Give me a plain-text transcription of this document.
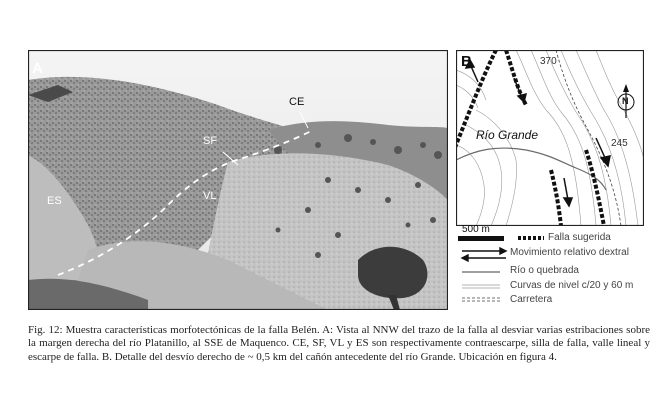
A
CE
SF
VL
ES
B	370
245
N
Río Grande
500 m
Falla sugerida
Movimiento relativo dextral
Río o quebrada
Curvas de nivel c/20 y 60 m
Carretera
Fig. 12: Muestra características morfotectónicas de la falla Belén. A: Vista al NNW del trazo de la falla al desviar varias estribaciones sobre la margen derecha del río Platanillo, al SSE de Maquenco. CE, SF, VL y ES son respectivamente contraescarpe, silla de falla, valle lineal y escarpe de falla. B. Detalle del desvío derecho de ~ 0,5 km del cañón antecedente del río Grande. Ubicación en figura 4.
